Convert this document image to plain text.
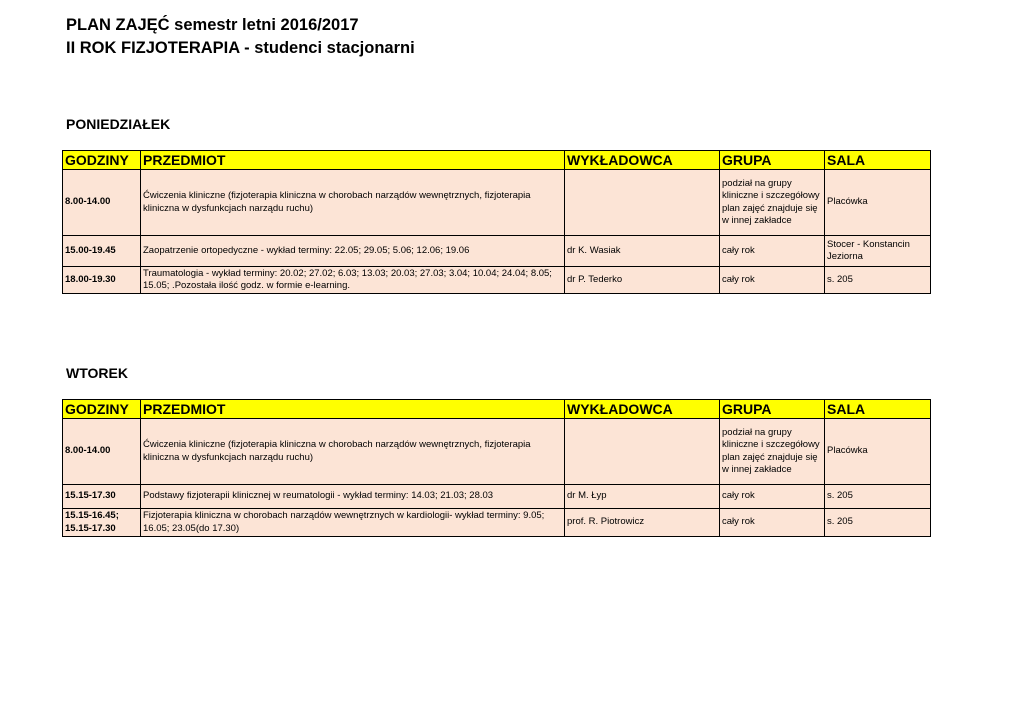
PLAN ZAJĘĆ semestr letni 2016/2017
II ROK FIZJOTERAPIA - studenci stacjonarni
PONIEDZIAŁEK
GODZINY	PRZEDMIOT	WYKŁADOWCA	GRUPA	SALA
8.00-14.00	Ćwiczenia kliniczne (fizjoterapia kliniczna w chorobach narządów wewnętrznych, fizjoterapia kliniczna w dysfunkcjach narządu ruchu)		podział na grupy kliniczne i szczegółowy plan zajęć znajduje się w innej zakładce	Placówka
15.00-19.45	Zaopatrzenie ortopedyczne - wykład terminy: 22.05; 29.05; 5.06; 12.06; 19.06	dr K. Wasiak	cały rok	Stocer - Konstancin Jeziorna
18.00-19.30	Traumatologia - wykład terminy: 20.02; 27.02; 6.03; 13.03; 20.03; 27.03; 3.04; 10.04; 24.04; 8.05; 15.05; .Pozostała ilość godz. w formie e-learning.	dr P. Tederko	cały rok	s. 205
WTOREK
GODZINY	PRZEDMIOT	WYKŁADOWCA	GRUPA	SALA
8.00-14.00	Ćwiczenia kliniczne (fizjoterapia kliniczna w chorobach narządów wewnętrznych, fizjoterapia kliniczna w dysfunkcjach narządu ruchu)		podział na grupy kliniczne i szczegółowy plan zajęć znajduje się w innej zakładce	Placówka
15.15-17.30	Podstawy fizjoterapii klinicznej w reumatologii - wykład terminy: 14.03; 21.03; 28.03	dr M. Łyp	cały rok	s. 205
15.15-16.45; 15.15-17.30	Fizjoterapia kliniczna w chorobach narządów wewnętrznych w kardiologii- wykład terminy: 9.05; 16.05; 23.05(do 17.30)	prof. R. Piotrowicz	cały rok	s. 205
